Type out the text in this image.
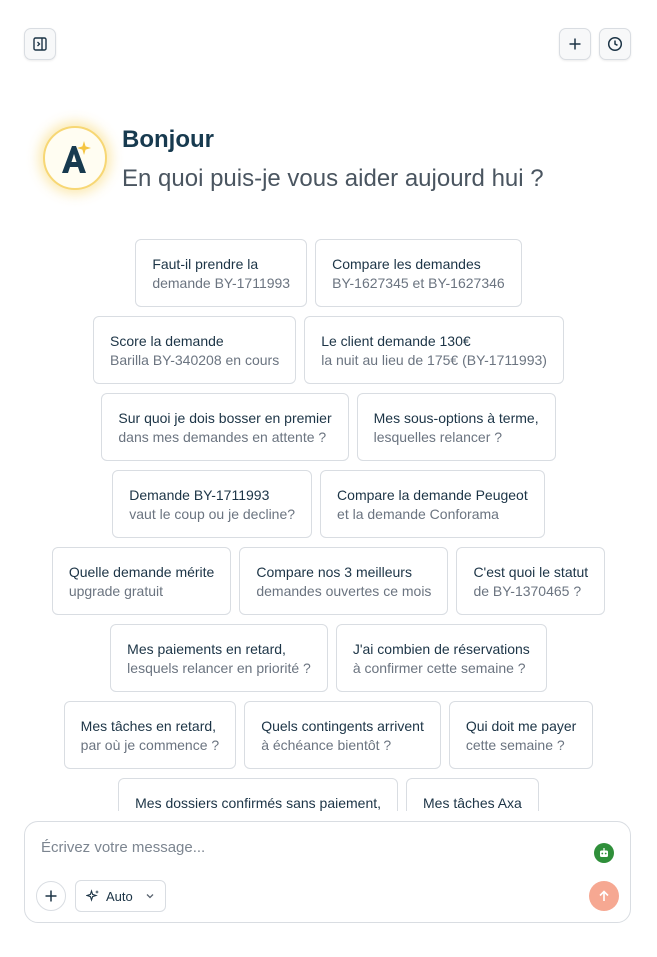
Bonjour
En quoi puis-je vous aider aujourd hui ?
Faut-il prendre la
demande BY-1711993
Compare les demandes
BY-1627345 et BY-1627346
Score la demande
Barilla BY-340208 en cours
Le client demande 130€
la nuit au lieu de 175€ (BY-1711993)
Sur quoi je dois bosser en premier
dans mes demandes en attente ?
Mes sous-options à terme,
lesquelles relancer ?
Demande BY-1711993
vaut le coup ou je decline?
Compare la demande Peugeot
et la demande Conforama
Quelle demande mérite
upgrade gratuit
Compare nos 3 meilleurs
demandes ouvertes ce mois
C'est quoi le statut
de BY-1370465 ?
Mes paiements en retard,
lesquels relancer en priorité ?
J'ai combien de réservations
à confirmer cette semaine ?
Mes tâches en retard,
par où je commence ?
Quels contingents arrivent
à échéance bientôt ?
Qui doit me payer
cette semaine ?
Mes dossiers confirmés sans paiement,	Mes tâches Axa
Écrivez votre message...
Auto
